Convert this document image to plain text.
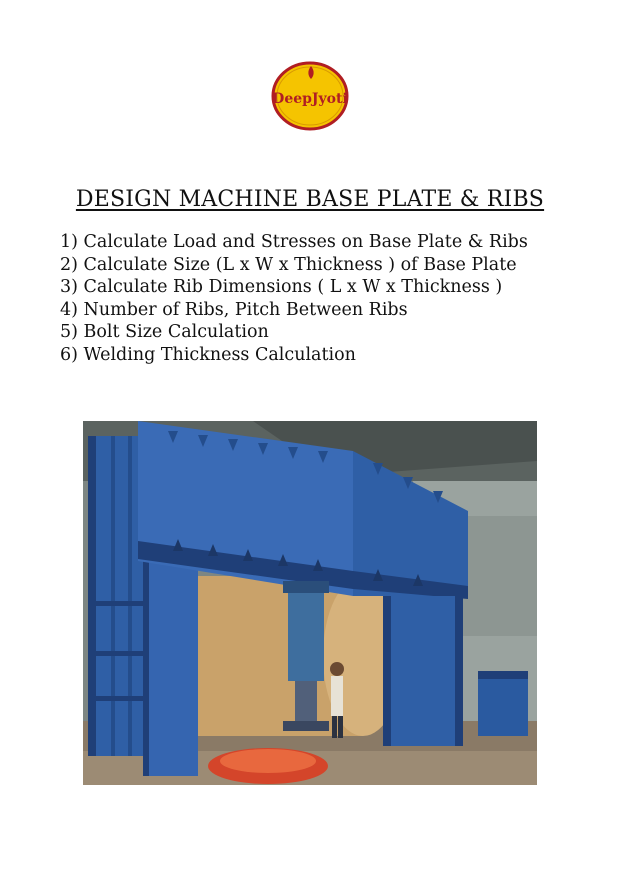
DeepJyoti
DESIGN MACHINE BASE PLATE & RIBS
1) Calculate Load and Stresses on Base Plate & Ribs
2) Calculate Size (L x W x Thickness ) of Base Plate
3) Calculate Rib Dimensions ( L x W x Thickness )
4) Number of Ribs, Pitch Between Ribs
5) Bolt Size Calculation
6) Welding Thickness Calculation
